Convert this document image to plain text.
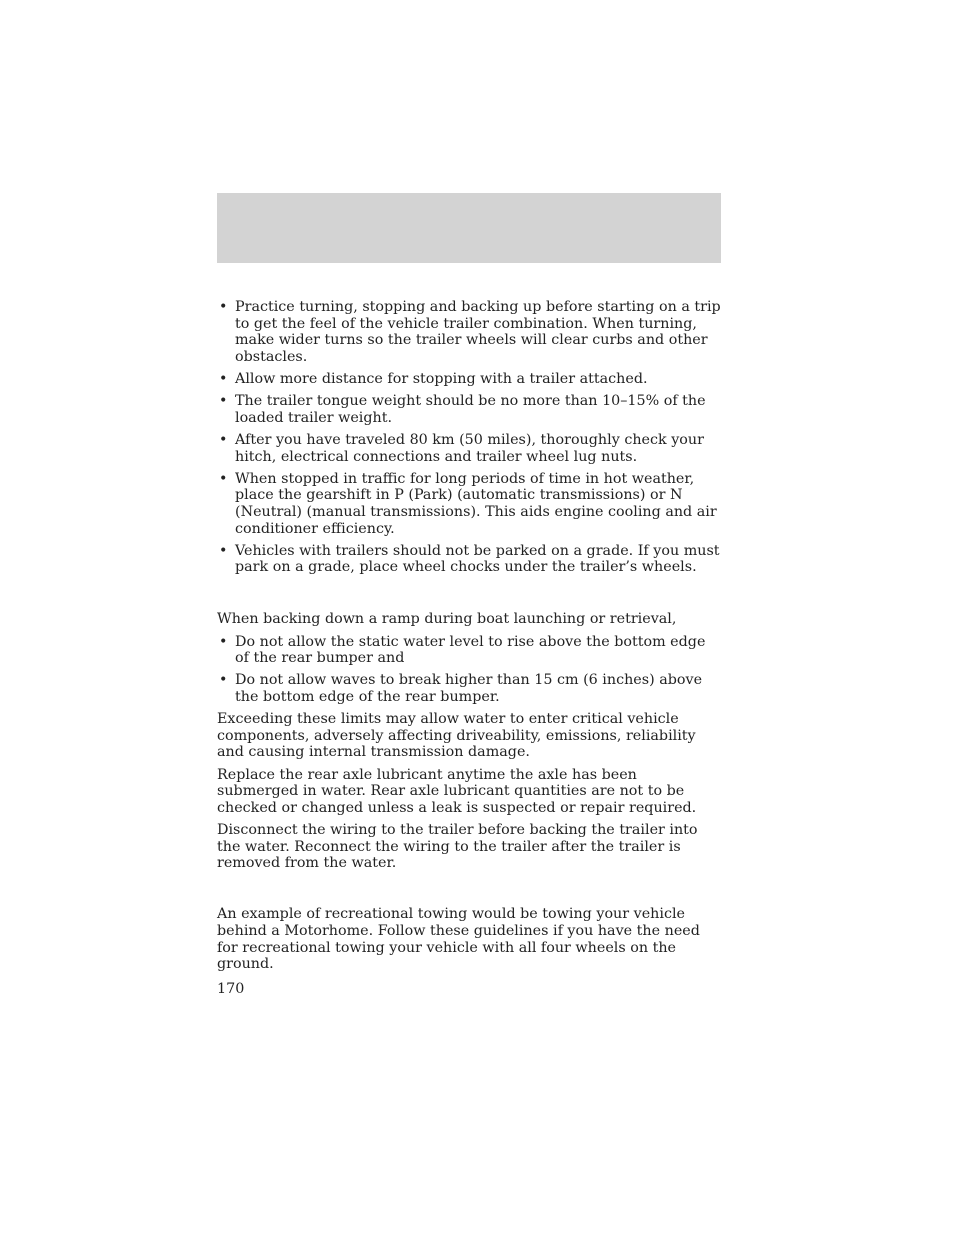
• Practice turning, stopping and backing up before starting on a trip to get the feel of the vehicle trailer combination. When turning, make wider turns so the trailer wheels will clear curbs and other obstacles.
• Allow more distance for stopping with a trailer attached.
• The trailer tongue weight should be no more than 10–15% of the loaded trailer weight.
• After you have traveled 80 km (50 miles), thoroughly check your hitch, electrical connections and trailer wheel lug nuts.
• When stopped in traffic for long periods of time in hot weather, place the gearshift in P (Park) (automatic transmissions) or N (Neutral) (manual transmissions). This aids engine cooling and air conditioner efficiency.
• Vehicles with trailers should not be parked on a grade. If you must park on a grade, place wheel chocks under the trailer’s wheels.

When backing down a ramp during boat launching or retrieval,

• Do not allow the static water level to rise above the bottom edge of the rear bumper and
• Do not allow waves to break higher than 15 cm (6 inches) above the bottom edge of the rear bumper.

Exceeding these limits may allow water to enter critical vehicle components, adversely affecting driveability, emissions, reliability and causing internal transmission damage.

Replace the rear axle lubricant anytime the axle has been submerged in water. Rear axle lubricant quantities are not to be checked or changed unless a leak is suspected or repair required.

Disconnect the wiring to the trailer before backing the trailer into the water. Reconnect the wiring to the trailer after the trailer is removed from the water.

An example of recreational towing would be towing your vehicle behind a Motorhome. Follow these guidelines if you have the need for recreational towing your vehicle with all four wheels on the ground.

170
